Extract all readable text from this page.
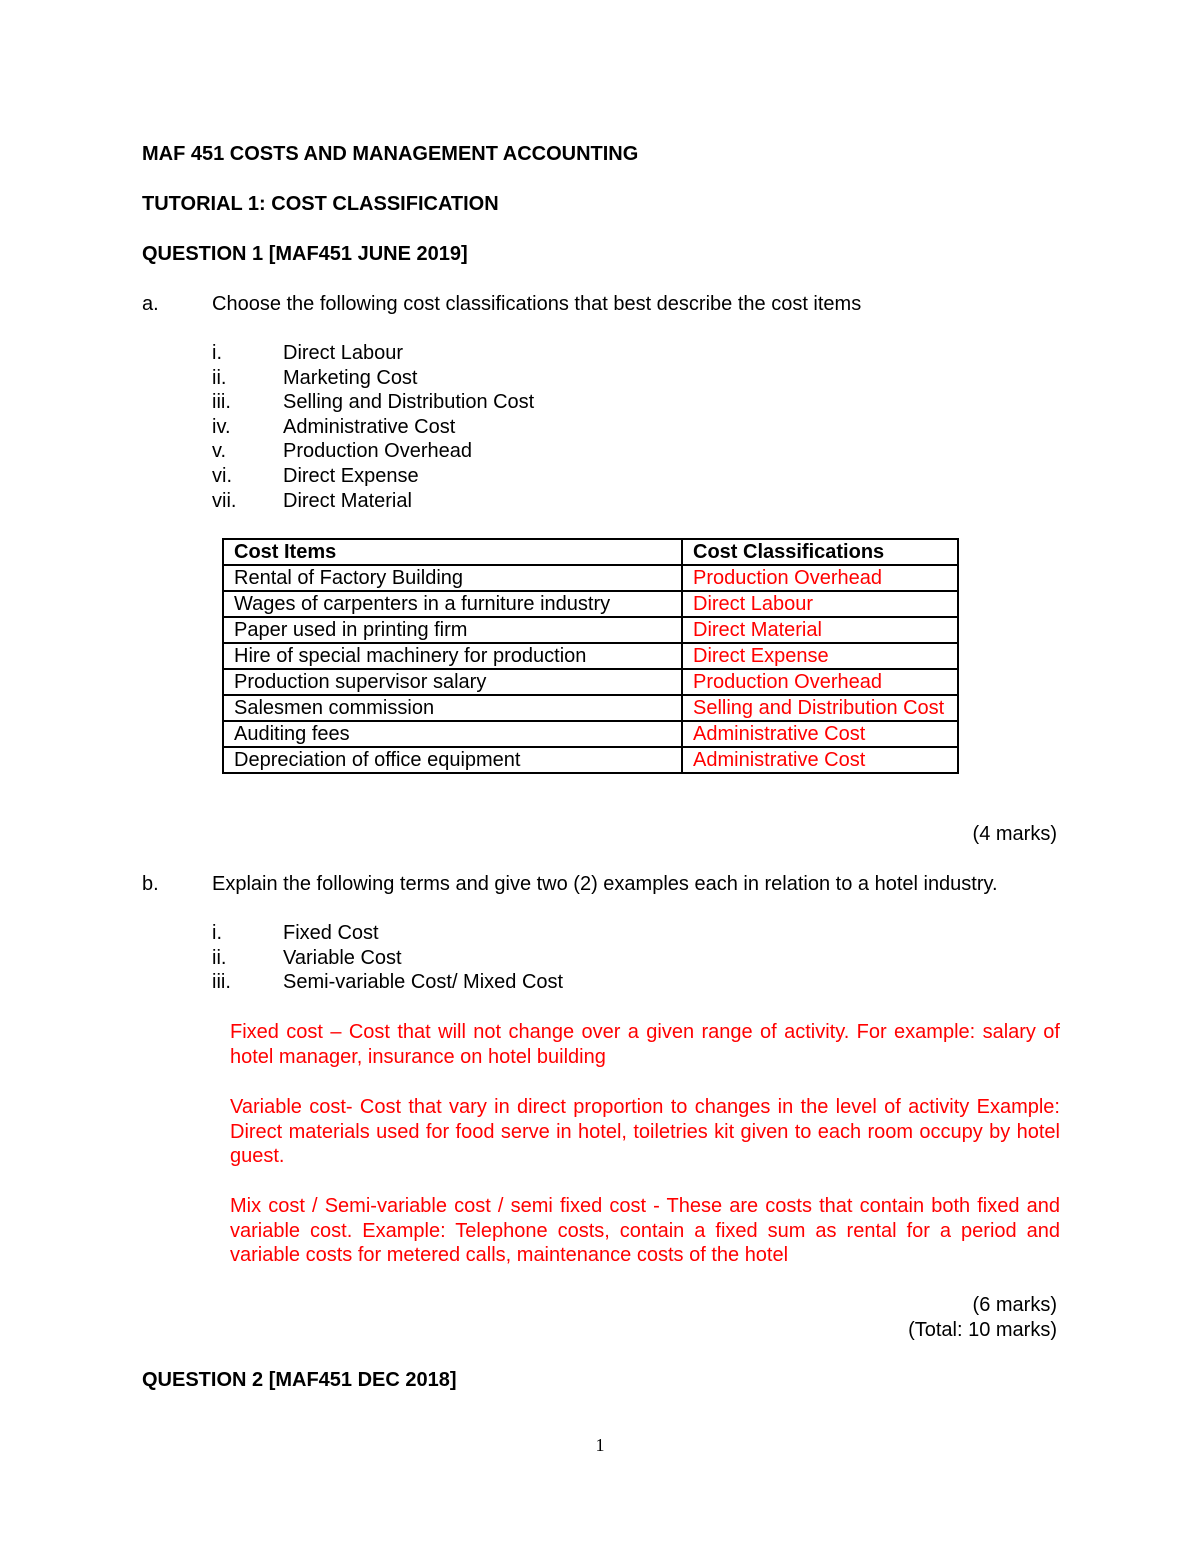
MAF 451 COSTS AND MANAGEMENT ACCOUNTING
TUTORIAL 1: COST CLASSIFICATION
QUESTION 1 [MAF451 JUNE 2019]
a.	Choose the following cost classifications that best describe the cost items
i.	Direct Labour
ii.	Marketing Cost
iii.	Selling and Distribution Cost
iv.	Administrative Cost
v.	Production Overhead
vi.	Direct Expense
vii.	Direct Material
Cost Items	Cost Classifications
Rental of Factory Building	Production Overhead
Wages of carpenters in a furniture industry	Direct Labour
Paper used in printing firm	Direct Material
Hire of special machinery for production	Direct Expense
Production supervisor salary	Production Overhead
Salesmen commission	Selling and Distribution Cost
Auditing fees	Administrative Cost
Depreciation of office equipment	Administrative Cost
(4 marks)
b.	Explain the following terms and give two (2) examples each in relation to a hotel industry.
i.	Fixed Cost
ii.	Variable Cost
iii.	Semi-variable Cost/ Mixed Cost

Fixed cost – Cost that will not change over a given range of activity. For example: salary of hotel manager, insurance on hotel building

Variable cost- Cost that vary in direct proportion to changes in the level of activity Example: Direct materials used for food serve in hotel, toiletries kit given to each room occupy by hotel guest.

Mix cost / Semi-variable cost / semi fixed cost - These are costs that contain both fixed and variable cost. Example: Telephone costs, contain a fixed sum as rental for a period and variable costs for metered calls, maintenance costs of the hotel

(6 marks)
(Total: 10 marks)
QUESTION 2 [MAF451 DEC 2018]
1
